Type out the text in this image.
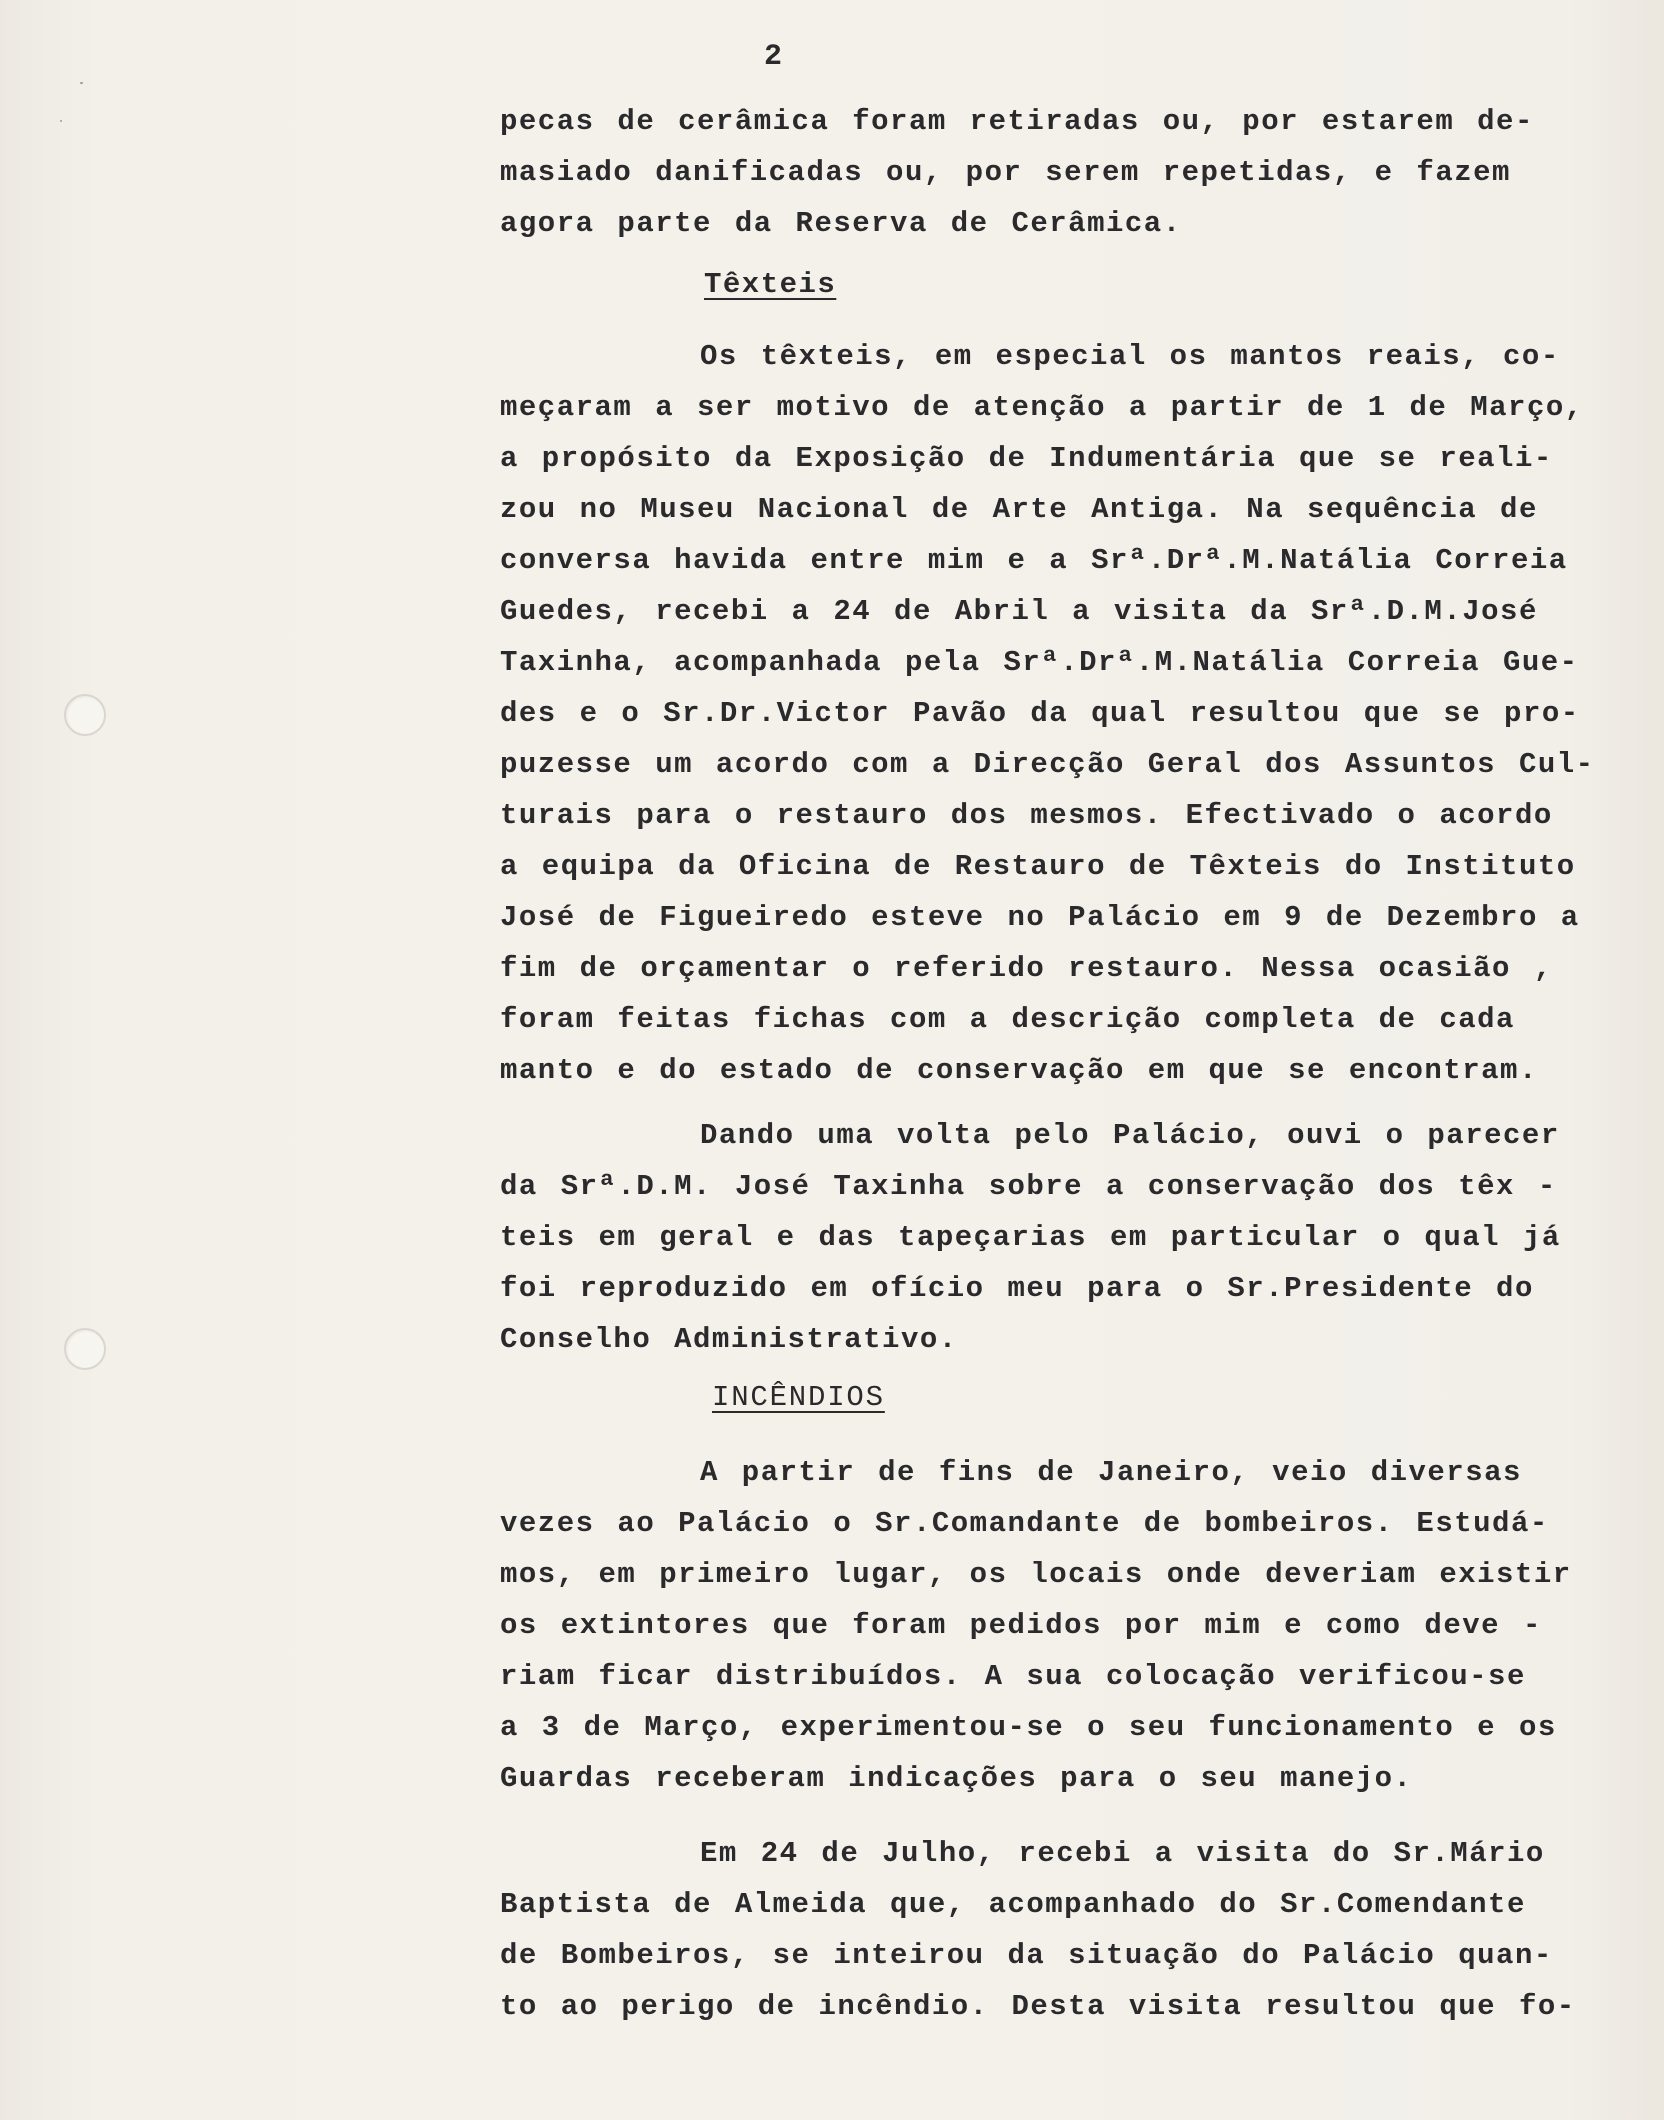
2
pecas de cerâmica foram retiradas ou, por estarem de-
masiado danificadas ou, por serem repetidas, e fazem
agora parte da Reserva de Cerâmica.
Têxteis
Os têxteis, em especial os mantos reais, co-
meçaram a ser motivo de atenção a partir de 1 de Março,
a propósito da Exposição de Indumentária que se reali-
zou no Museu Nacional de Arte Antiga. Na sequência de
conversa havida entre mim e a Srª.Drª.M.Natália Correia
Guedes, recebi a 24 de Abril a visita da Srª.D.M.José
Taxinha, acompanhada pela Srª.Drª.M.Natália Correia Gue-
des e o Sr.Dr.Victor Pavão da qual resultou que se pro-
puzesse um acordo com a Direcção Geral dos Assuntos Cul-
turais para o restauro dos mesmos. Efectivado o acordo
a equipa da Oficina de Restauro de Têxteis do Instituto
José de Figueiredo esteve no Palácio em 9 de Dezembro a
fim de orçamentar o referido restauro. Nessa ocasião ,
foram feitas fichas com a descrição completa de cada
manto e do estado de conservação em que se encontram.
Dando uma volta pelo Palácio, ouvi o parecer
da Srª.D.M. José Taxinha sobre a conservação dos têx -
teis em geral e das tapeçarias em particular o qual já
foi reproduzido em ofício meu para o Sr.Presidente do
Conselho Administrativo.
INCÊNDIOS
A partir de fins de Janeiro, veio diversas
vezes ao Palácio o Sr.Comandante de bombeiros. Estudá-
mos, em primeiro lugar, os locais onde deveriam existir
os extintores que foram pedidos por mim e como deve -
riam ficar distribuídos. A sua colocação verificou-se
a 3 de Março, experimentou-se o seu funcionamento e os
Guardas receberam indicações para o seu manejo.
Em 24 de Julho, recebi a visita do Sr.Mário
Baptista de Almeida que, acompanhado do Sr.Comendante
de Bombeiros, se inteirou da situação do Palácio quan-
to ao perigo de incêndio. Desta visita resultou que fo-
